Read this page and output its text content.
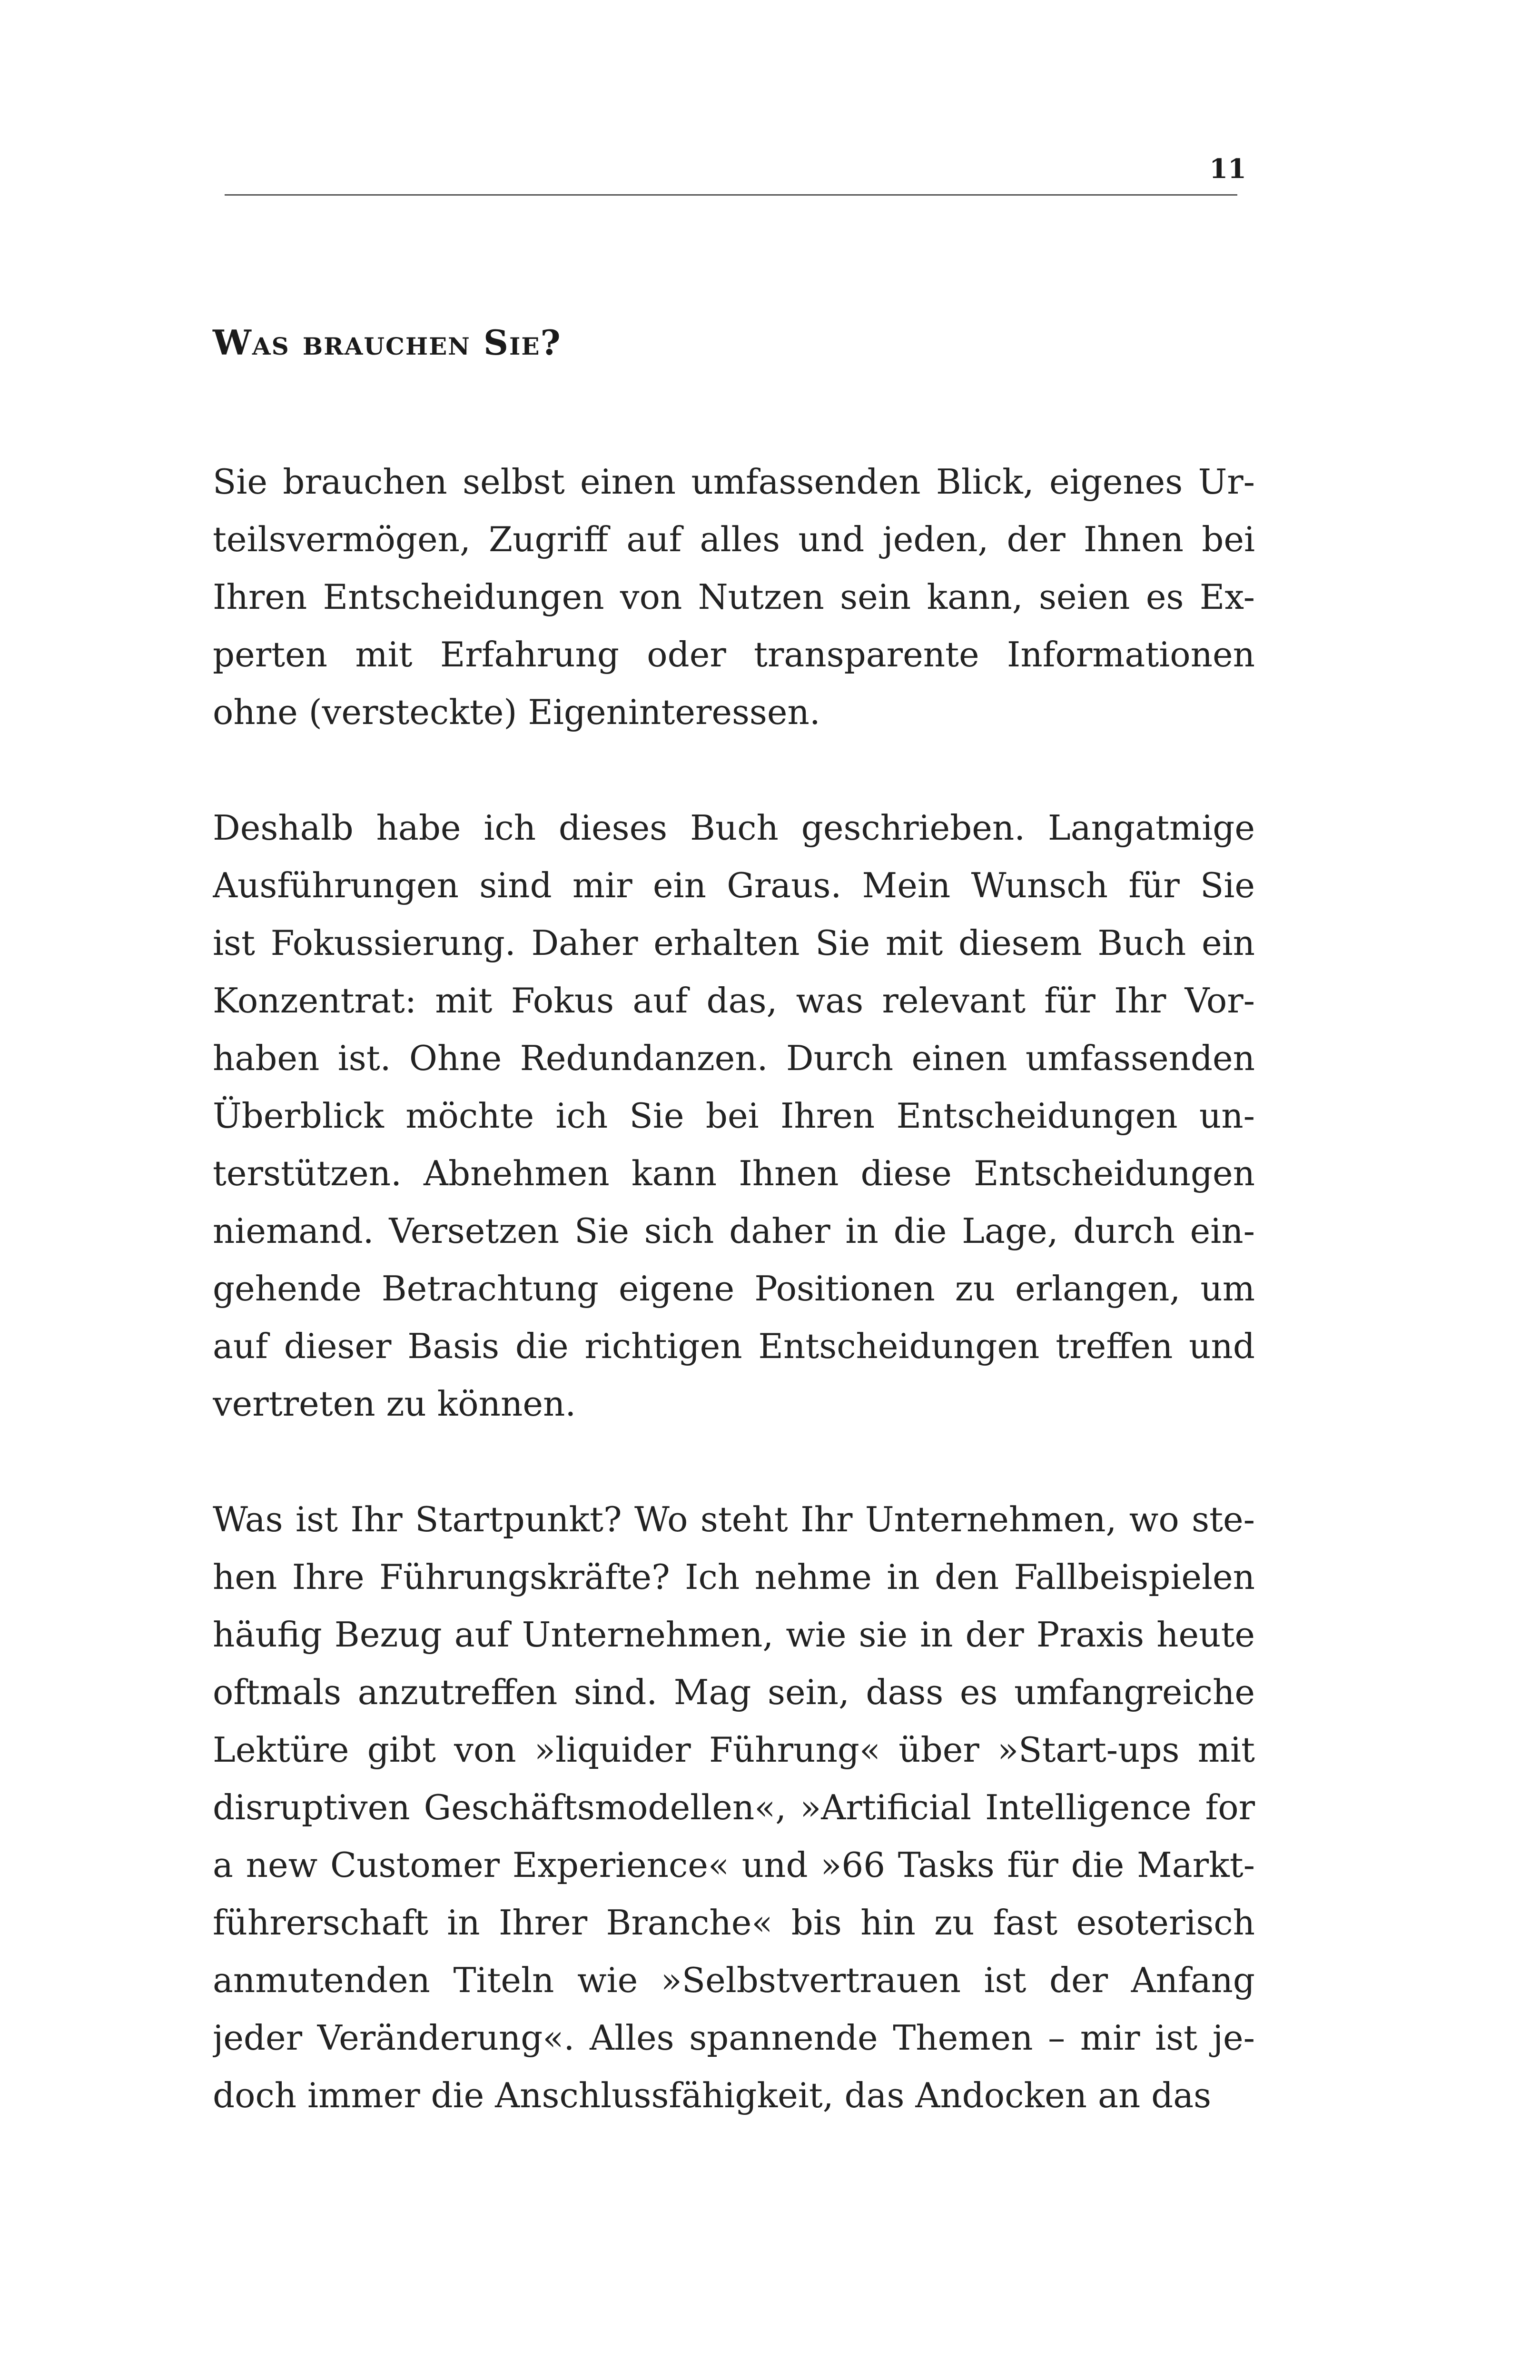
11
Was brauchen Sie?
Sie brauchen selbst einen umfassenden Blick, eigenes Ur-
teilsvermögen, Zugriff auf alles und jeden, der Ihnen bei
Ihren Entscheidungen von Nutzen sein kann, seien es Ex-
perten mit Erfahrung oder transparente Informationen
ohne (versteckte) Eigeninteressen.
Deshalb habe ich dieses Buch geschrieben. Langatmige
Ausführungen sind mir ein Graus. Mein Wunsch für Sie
ist Fokussierung. Daher erhalten Sie mit diesem Buch ein
Konzentrat: mit Fokus auf das, was relevant für Ihr Vor-
haben ist. Ohne Redundanzen. Durch einen umfassenden
Überblick möchte ich Sie bei Ihren Entscheidungen un-
terstützen. Abnehmen kann Ihnen diese Entscheidungen
niemand. Versetzen Sie sich daher in die Lage, durch ein-
gehende Betrachtung eigene Positionen zu erlangen, um
auf dieser Basis die richtigen Entscheidungen treffen und
vertreten zu können.
Was ist Ihr Startpunkt? Wo steht Ihr Unternehmen, wo ste-
hen Ihre Führungskräfte? Ich nehme in den Fallbeispielen
häufig Bezug auf Unternehmen, wie sie in der Praxis heute
oftmals anzutreffen sind. Mag sein, dass es umfangreiche
Lektüre gibt von »liquider Führung« über »Start-ups mit
disruptiven Geschäftsmodellen«, »Artificial Intelligence for
a new Customer Experience« und »66 Tasks für die Markt-
führerschaft in Ihrer Branche« bis hin zu fast esoterisch
anmutenden Titeln wie »Selbstvertrauen ist der Anfang
jeder Veränderung«. Alles spannende Themen – mir ist je-
doch immer die Anschlussfähigkeit, das Andocken an das
